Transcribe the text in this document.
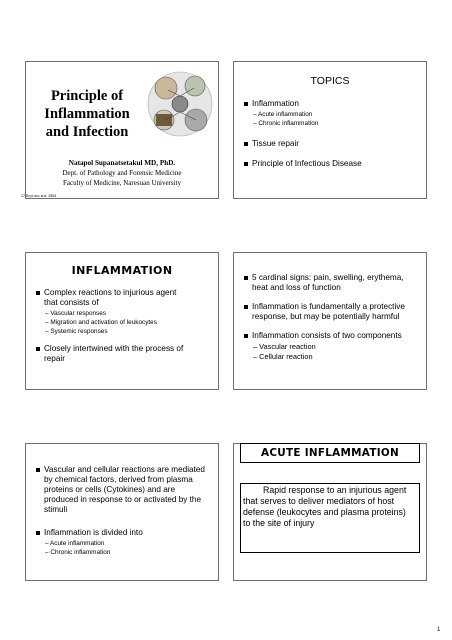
Principle of
Inflammation
and Infection
Natapol Supanatsetakul MD, PhD.
Dept. of Pathology and Forensic Medicine
Faculty of Medicine, Naresuan University
17 มิถุนายน พ.ศ. 2554
TOPICS
Inflammation
– Acute inflammation
– Chronic inflammation
Tissue repair
Principle of Infectious Disease
INFLAMMATION
Complex reactions to injurious agent
that consists of
– Vascular responses
– Migration and activation of leukocytes
– Systemic responses
Closely intertwined with the process of
repair
5 cardinal signs: pain, swelling, erythema,
heat and loss of function
Inflammation is fundamentally a protective
response, but may be potentially harmful
Inflammation consists of two components
– Vascular reaction
– Cellular reaction
Vascular and cellular reactions are mediated
by chemical factors, derived from plasma
proteins or cells (Cytokines) and are
produced in response to or activated by the
stimuli
Inflammation is divided into
– Acute inflammation
– Chronic inflammation
ACUTE INFLAMMATION
Rapid response to an injurious agent
that serves to deliver mediators of host
defense (leukocytes and plasma proteins)
to the site of injury
1
